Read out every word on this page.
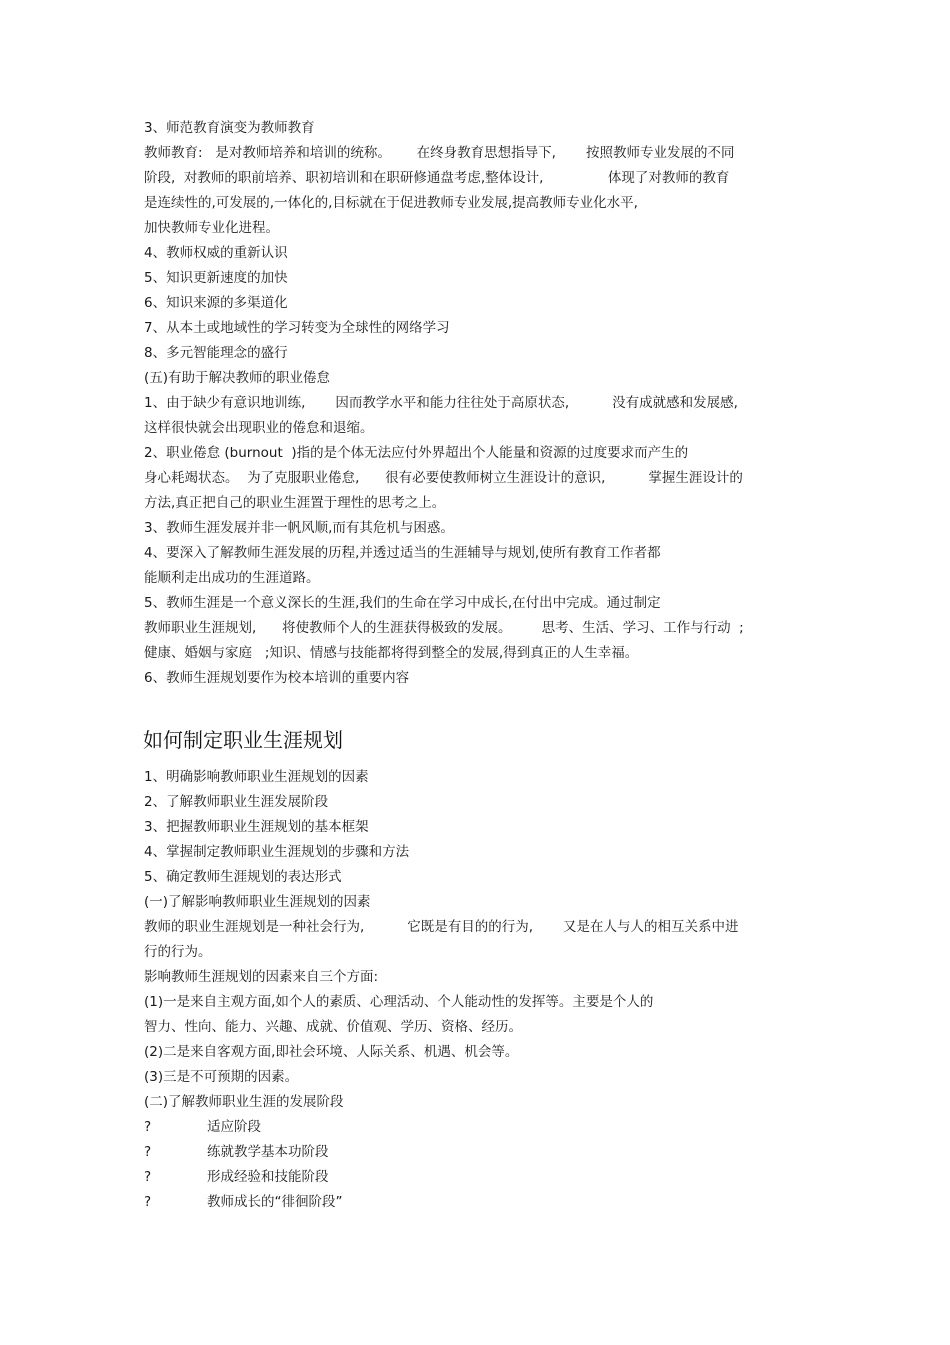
3、师范教育演变为教师教育
教师教育:   是对教师培养和培训的统称。      在终身教育思想指导下,       按照教师专业发展的不同
阶段,  对教师的职前培养、职初培训和在职研修通盘考虑,整体设计,               体现了对教师的教育
是连续性的,可发展的,一体化的,目标就在于促进教师专业发展,提高教师专业化水平,
加快教师专业化进程。
4、教师权威的重新认识
5、知识更新速度的加快
6、知识来源的多渠道化
7、从本土或地域性的学习转变为全球性的网络学习
8、多元智能理念的盛行
(五)有助于解决教师的职业倦怠
1、由于缺少有意识地训练,       因而教学水平和能力往往处于高原状态,          没有成就感和发展感,
这样很快就会出现职业的倦怠和退缩。
2、职业倦怠 (burnout  )指的是个体无法应付外界超出个人能量和资源的过度要求而产生的
身心耗竭状态。  为了克服职业倦怠,      很有必要使教师树立生涯设计的意识,          掌握生涯设计的
方法,真正把自己的职业生涯置于理性的思考之上。
3、教师生涯发展并非一帆风顺,而有其危机与困惑。
4、要深入了解教师生涯发展的历程,并透过适当的生涯辅导与规划,使所有教育工作者都
能顺利走出成功的生涯道路。
5、教师生涯是一个意义深长的生涯,我们的生命在学习中成长,在付出中完成。通过制定
教师职业生涯规划,      将使教师个人的生涯获得极致的发展。       思考、生活、学习、工作与行动  ;
健康、婚姻与家庭   ;知识、情感与技能都将得到整全的发展,得到真正的人生幸福。
6、教师生涯规划要作为校本培训的重要内容
如何制定职业生涯规划
1、明确影响教师职业生涯规划的因素
2、了解教师职业生涯发展阶段
3、把握教师职业生涯规划的基本框架
4、掌握制定教师职业生涯规划的步骤和方法
5、确定教师生涯规划的表达形式
(一)了解影响教师职业生涯规划的因素
教师的职业生涯规划是一种社会行为,          它既是有目的的行为,       又是在人与人的相互关系中进
行的行为。
影响教师生涯规划的因素来自三个方面:
(1)一是来自主观方面,如个人的素质、心理活动、个人能动性的发挥等。主要是个人的
智力、性向、能力、兴趣、成就、价值观、学历、资格、经历。
(2)二是来自客观方面,即社会环境、人际关系、机遇、机会等。
(3)三是不可预期的因素。
(二)了解教师职业生涯的发展阶段
?	适应阶段
?	练就教学基本功阶段
?	形成经验和技能阶段
?	教师成长的“徘徊阶段”
